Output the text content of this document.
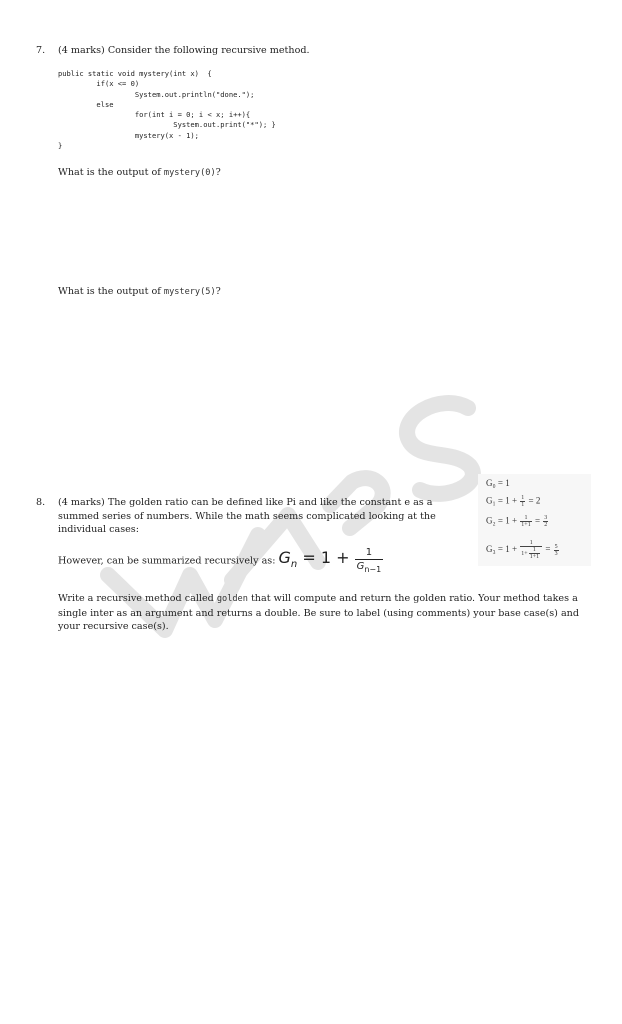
7. (4 marks) Consider the following recursive method.
public static void mystery(int x)  {
if(x <= 0)
System.out.println("done.");
else
for(int i = 0; i < x; i++){
System.out.print("*"); }
mystery(x - 1);
}
What is the output of mystery(0)?
What is the output of mystery(5)?
8. (4 marks) The golden ratio can be defined like Pi and like the constant e as a summed series of numbers. While the math seems complicated looking at the individual cases:
G₀ = 1
$G_1 = 1 + \frac{1}{1} = 2$
$G_2 = 1 + \frac{1}{1+1} = \frac{3}{2}$
$G_3 = 1 + \frac{1}{1+ \frac{1}{1+1}} = \frac{5}{3}$
However, can be summarized recursively as: $G_n = 1 + \frac{1}{G_{n-1}}$
Write a recursive method called golden that will compute and return the golden ratio. Your method takes a single inter as an argument and returns a double. Be sure to label (using comments) your base case(s) and your recursive case(s).
